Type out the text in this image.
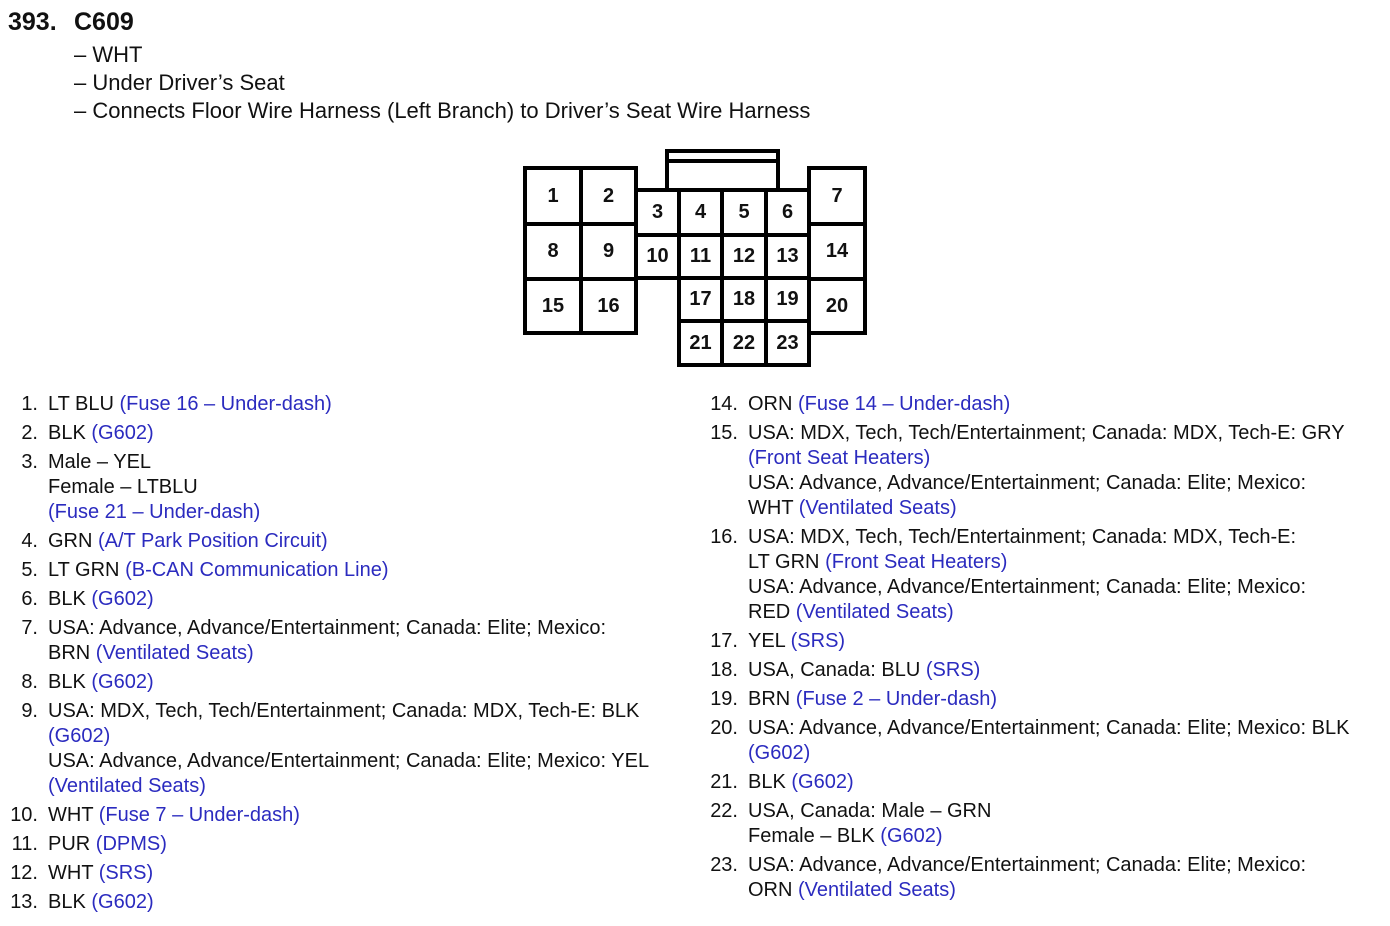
393. C609
– WHT
– Under Driver’s Seat
– Connects Floor Wire Harness (Left Branch) to Driver’s Seat Wire Harness
1	2
3	4	5	6
7
8	9	10	11	12	13	14
15	16	17	18	19	20
21	22	23
1. LT BLU (Fuse 16 – Under-dash)
2. BLK (G602)
3. Male – YEL
Female – LTBLU
(Fuse 21 – Under-dash)
4. GRN (A/T Park Position Circuit)
5. LT GRN (B-CAN Communication Line)
6. BLK (G602)
7. USA: Advance, Advance/Entertainment; Canada: Elite; Mexico:
BRN (Ventilated Seats)
8. BLK (G602)
9. USA: MDX, Tech, Tech/Entertainment; Canada: MDX, Tech-E: BLK
(G602)
USA: Advance, Advance/Entertainment; Canada: Elite; Mexico: YEL
(Ventilated Seats)
10. WHT (Fuse 7 – Under-dash)
11. PUR (DPMS)
12. WHT (SRS)
13. BLK (G602)
14. ORN (Fuse 14 – Under-dash)
15. USA: MDX, Tech, Tech/Entertainment; Canada: MDX, Tech-E: GRY
(Front Seat Heaters)
USA: Advance, Advance/Entertainment; Canada: Elite; Mexico:
WHT (Ventilated Seats)
16. USA: MDX, Tech, Tech/Entertainment; Canada: MDX, Tech-E:
LT GRN (Front Seat Heaters)
USA: Advance, Advance/Entertainment; Canada: Elite; Mexico:
RED (Ventilated Seats)
17. YEL (SRS)
18. USA, Canada: BLU (SRS)
19. BRN (Fuse 2 – Under-dash)
20. USA: Advance, Advance/Entertainment; Canada: Elite; Mexico: BLK
(G602)
21. BLK (G602)
22. USA, Canada: Male – GRN
Female – BLK (G602)
23. USA: Advance, Advance/Entertainment; Canada: Elite; Mexico:
ORN (Ventilated Seats)
